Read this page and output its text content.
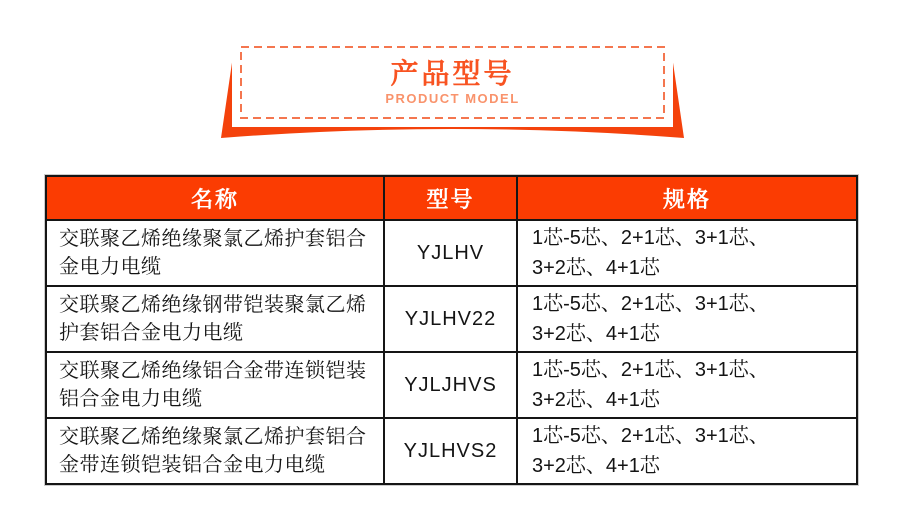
产品型号
PRODUCT MODEL
名称	型号	规格
交联聚乙烯绝缘聚氯乙烯护套铝合金电力电缆	YJLHV	1芯-5芯、2+1芯、3+1芯、
3+2芯、4+1芯

交联聚乙烯绝缘钢带铠装聚氯乙烯护套铝合金电力电缆	YJLHV22	1芯-5芯、2+1芯、3+1芯、
3+2芯、4+1芯

交联聚乙烯绝缘铝合金带连锁铠装铝合金电力电缆	YJLJHVS	1芯-5芯、2+1芯、3+1芯、
3+2芯、4+1芯

交联聚乙烯绝缘聚氯乙烯护套铝合金带连锁铠装铝合金电力电缆	YJLHVS2	1芯-5芯、2+1芯、3+1芯、
3+2芯、4+1芯
